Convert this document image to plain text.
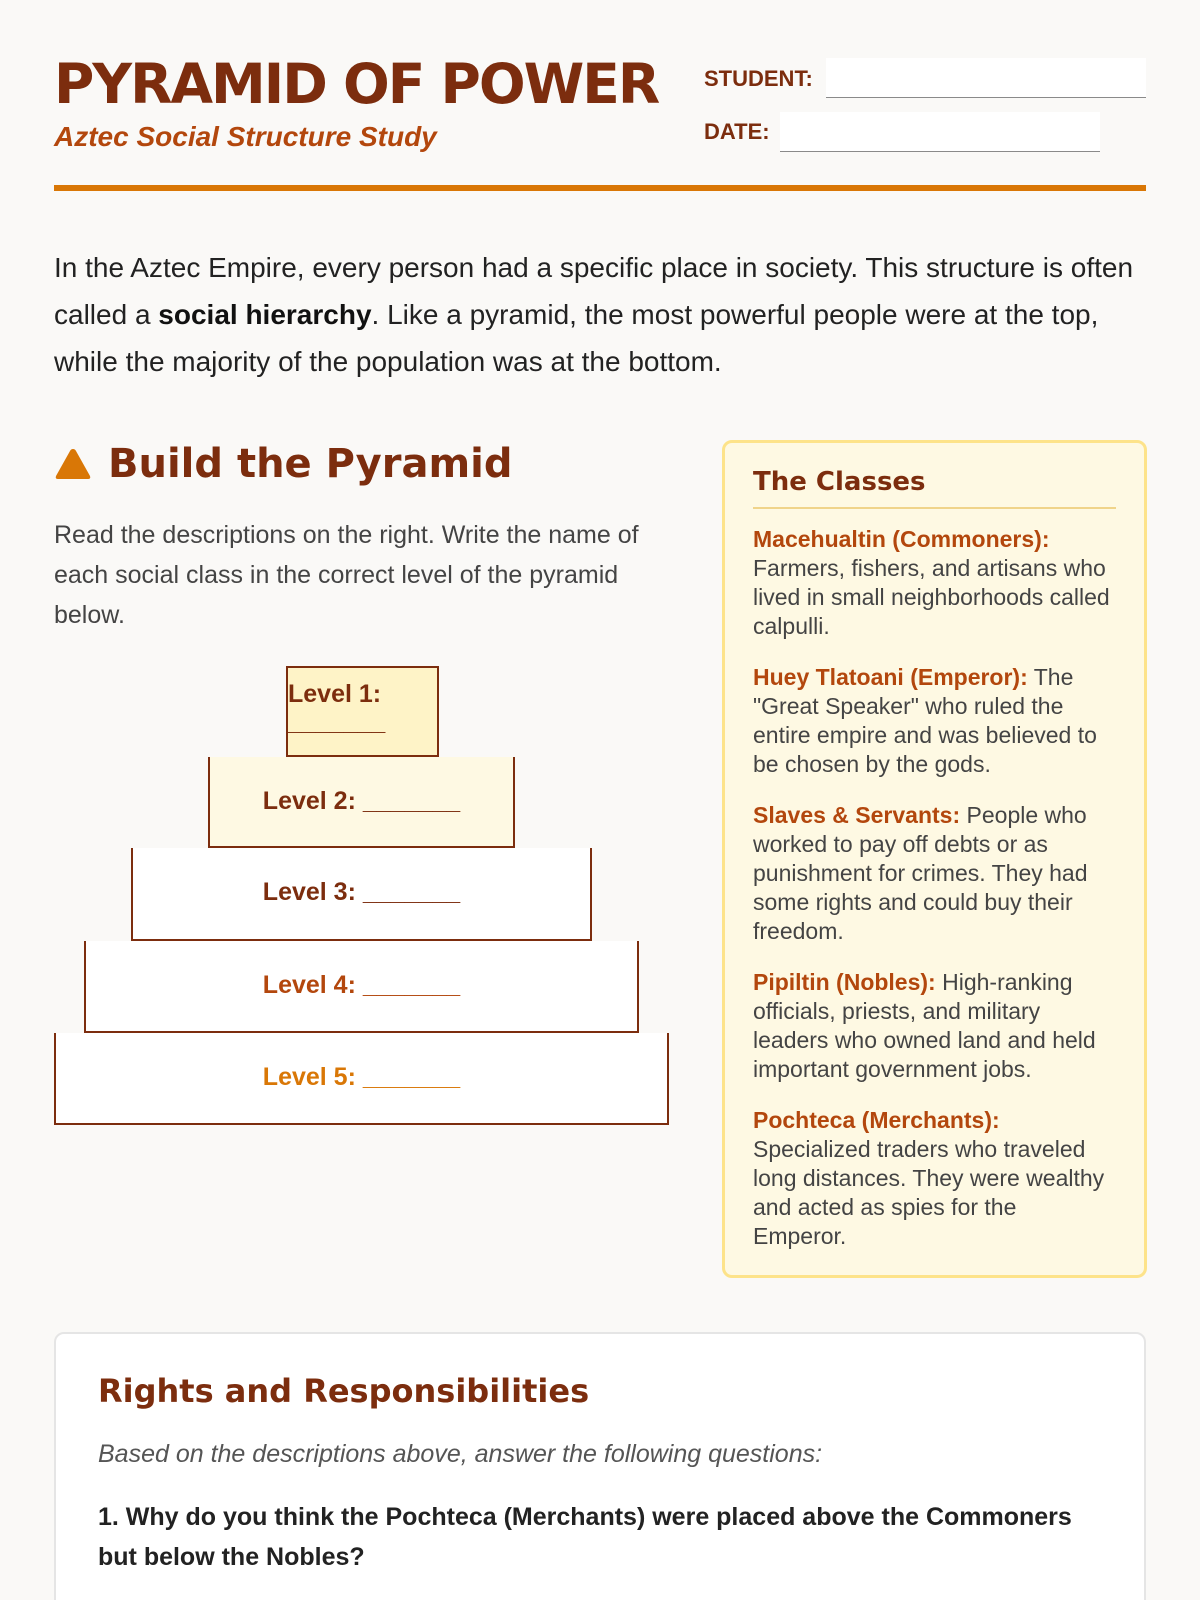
PYRAMID OF POWER
Aztec Social Structure Study
STUDENT:
DATE:

In the Aztec Empire, every person had a specific place in society. This structure is often called a social hierarchy. Like a pyramid, the most powerful people were at the top, while the majority of the population was at the bottom.

Build the Pyramid

Read the descriptions on the right. Write the name of each social class in the correct level of the pyramid below.

Level 1:
_______
Level 2: _______
Level 3: _______
Level 4: _______
Level 5: _______
The Classes
Macehualtin (Commoners):
Farmers, fishers, and artisans who lived in small neighborhoods called calpulli.
Huey Tlatoani (Emperor): The "Great Speaker" who ruled the entire empire and was believed to be chosen by the gods.
Slaves & Servants: People who worked to pay off debts or as punishment for crimes. They had some rights and could buy their freedom.
Pipiltin (Nobles): High-ranking officials, priests, and military leaders who owned land and held important government jobs.
Pochteca (Merchants): Specialized traders who traveled long distances. They were wealthy and acted as spies for the Emperor.
Rights and Responsibilities

Based on the descriptions above, answer the following questions:

1. Why do you think the Pochteca (Merchants) were placed above the Commoners but below the Nobles?
